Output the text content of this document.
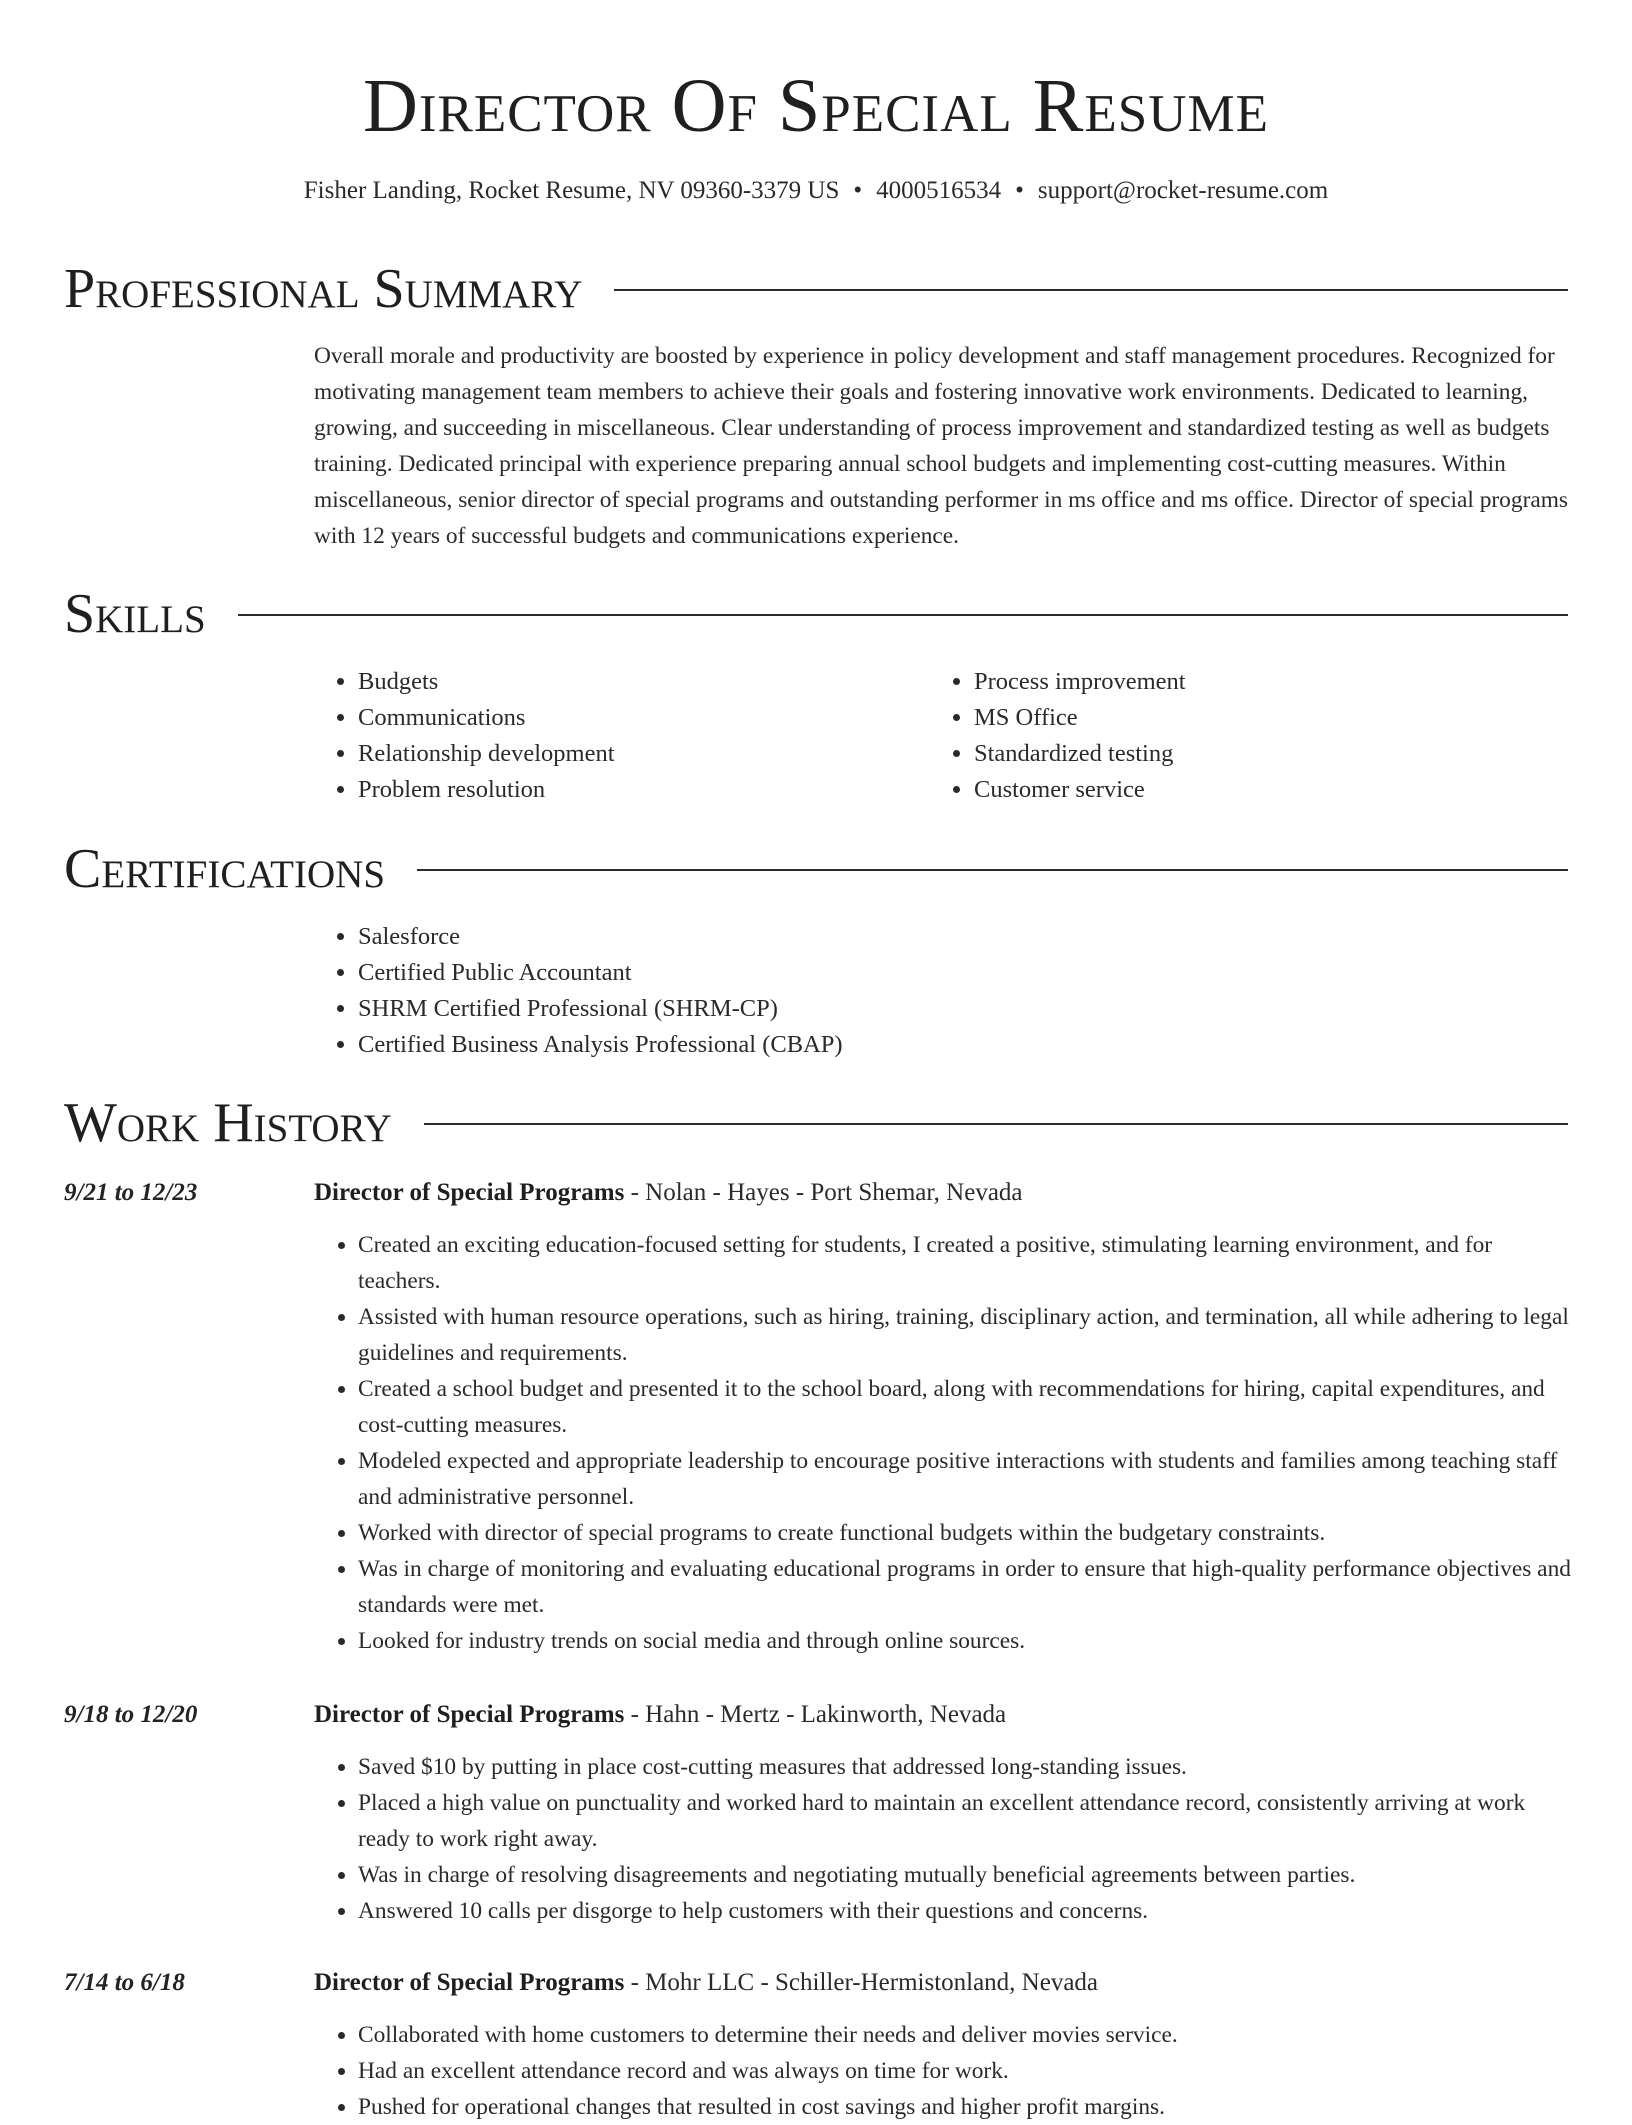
Director Of Special Resume
Fisher Landing, Rocket Resume, NV 09360-3379 US • 4000516534 • support@rocket-resume.com
Professional Summary
Overall morale and productivity are boosted by experience in policy development and staff management procedures. Recognized for motivating management team members to achieve their goals and fostering innovative work environments. Dedicated to learning, growing, and succeeding in miscellaneous. Clear understanding of process improvement and standardized testing as well as budgets training. Dedicated principal with experience preparing annual school budgets and implementing cost-cutting measures. Within miscellaneous, senior director of special programs and outstanding performer in ms office and ms office. Director of special programs with 12 years of successful budgets and communications experience.
Skills
• Budgets
• Communications
• Relationship development
• Problem resolution
• Process improvement
• MS Office
• Standardized testing
• Customer service
Certifications
• Salesforce
• Certified Public Accountant
• SHRM Certified Professional (SHRM-CP)
• Certified Business Analysis Professional (CBAP)
Work History
9/21 to 12/23	Director of Special Programs - Nolan - Hayes - Port Shemar, Nevada
• Created an exciting education-focused setting for students, I created a positive, stimulating learning environment, and for teachers.
• Assisted with human resource operations, such as hiring, training, disciplinary action, and termination, all while adhering to legal guidelines and requirements.
• Created a school budget and presented it to the school board, along with recommendations for hiring, capital expenditures, and cost-cutting measures.
• Modeled expected and appropriate leadership to encourage positive interactions with students and families among teaching staff and administrative personnel.
• Worked with director of special programs to create functional budgets within the budgetary constraints.
• Was in charge of monitoring and evaluating educational programs in order to ensure that high-quality performance objectives and standards were met.
• Looked for industry trends on social media and through online sources.
9/18 to 12/20	Director of Special Programs - Hahn - Mertz - Lakinworth, Nevada
• Saved $10 by putting in place cost-cutting measures that addressed long-standing issues.
• Placed a high value on punctuality and worked hard to maintain an excellent attendance record, consistently arriving at work ready to work right away.
• Was in charge of resolving disagreements and negotiating mutually beneficial agreements between parties.
• Answered 10 calls per disgorge to help customers with their questions and concerns.
7/14 to 6/18	Director of Special Programs - Mohr LLC - Schiller-Hermistonland, Nevada
• Collaborated with home customers to determine their needs and deliver movies service.
• Had an excellent attendance record and was always on time for work.
• Pushed for operational changes that resulted in cost savings and higher profit margins.
